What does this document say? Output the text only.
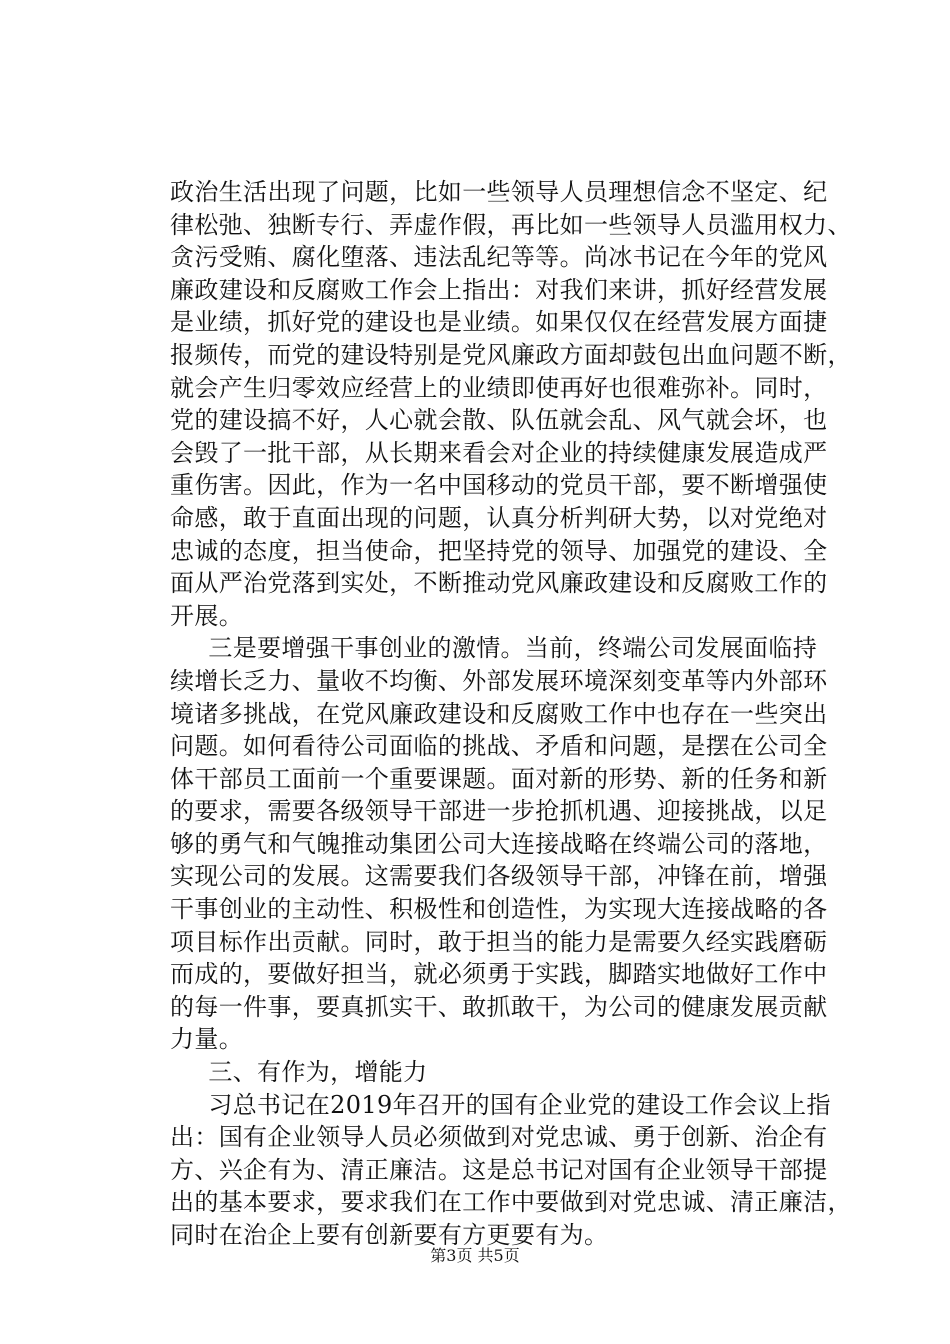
政治生活出现了问题，比如一些领导人员理想信念不坚定、纪
律松弛、独断专行、弄虚作假，再比如一些领导人员滥用权力、
贪污受贿、腐化堕落、违法乱纪等等。尚冰书记在今年的党风
廉政建设和反腐败工作会上指出：对我们来讲，抓好经营发展
是业绩，抓好党的建设也是业绩。如果仅仅在经营发展方面捷
报频传，而党的建设特别是党风廉政方面却鼓包出血问题不断，
就会产生归零效应经营上的业绩即使再好也很难弥补。同时，
党的建设搞不好，人心就会散、队伍就会乱、风气就会坏，也
会毁了一批干部，从长期来看会对企业的持续健康发展造成严
重伤害。因此，作为一名中国移动的党员干部，要不断增强使
命感，敢于直面出现的问题，认真分析判研大势，以对党绝对
忠诚的态度，担当使命，把坚持党的领导、加强党的建设、全
面从严治党落到实处，不断推动党风廉政建设和反腐败工作的
开展。
　三是要增强干事创业的激情。当前，终端公司发展面临持
续增长乏力、量收不均衡、外部发展环境深刻变革等内外部环
境诸多挑战，在党风廉政建设和反腐败工作中也存在一些突出
问题。如何看待公司面临的挑战、矛盾和问题，是摆在公司全
体干部员工面前一个重要课题。面对新的形势、新的任务和新
的要求，需要各级领导干部进一步抢抓机遇、迎接挑战，以足
够的勇气和气魄推动集团公司大连接战略在终端公司的落地，
实现公司的发展。这需要我们各级领导干部，冲锋在前，增强
干事创业的主动性、积极性和创造性，为实现大连接战略的各
项目标作出贡献。同时，敢于担当的能力是需要久经实践磨砺
而成的，要做好担当，就必须勇于实践，脚踏实地做好工作中
的每一件事，要真抓实干、敢抓敢干，为公司的健康发展贡献
力量。
　三、有作为，增能力
　习总书记在2019年召开的国有企业党的建设工作会议上指
出：国有企业领导人员必须做到对党忠诚、勇于创新、治企有
方、兴企有为、清正廉洁。这是总书记对国有企业领导干部提
出的基本要求，要求我们在工作中要做到对党忠诚、清正廉洁，
同时在治企上要有创新要有方更要有为。
第3页 共5页
